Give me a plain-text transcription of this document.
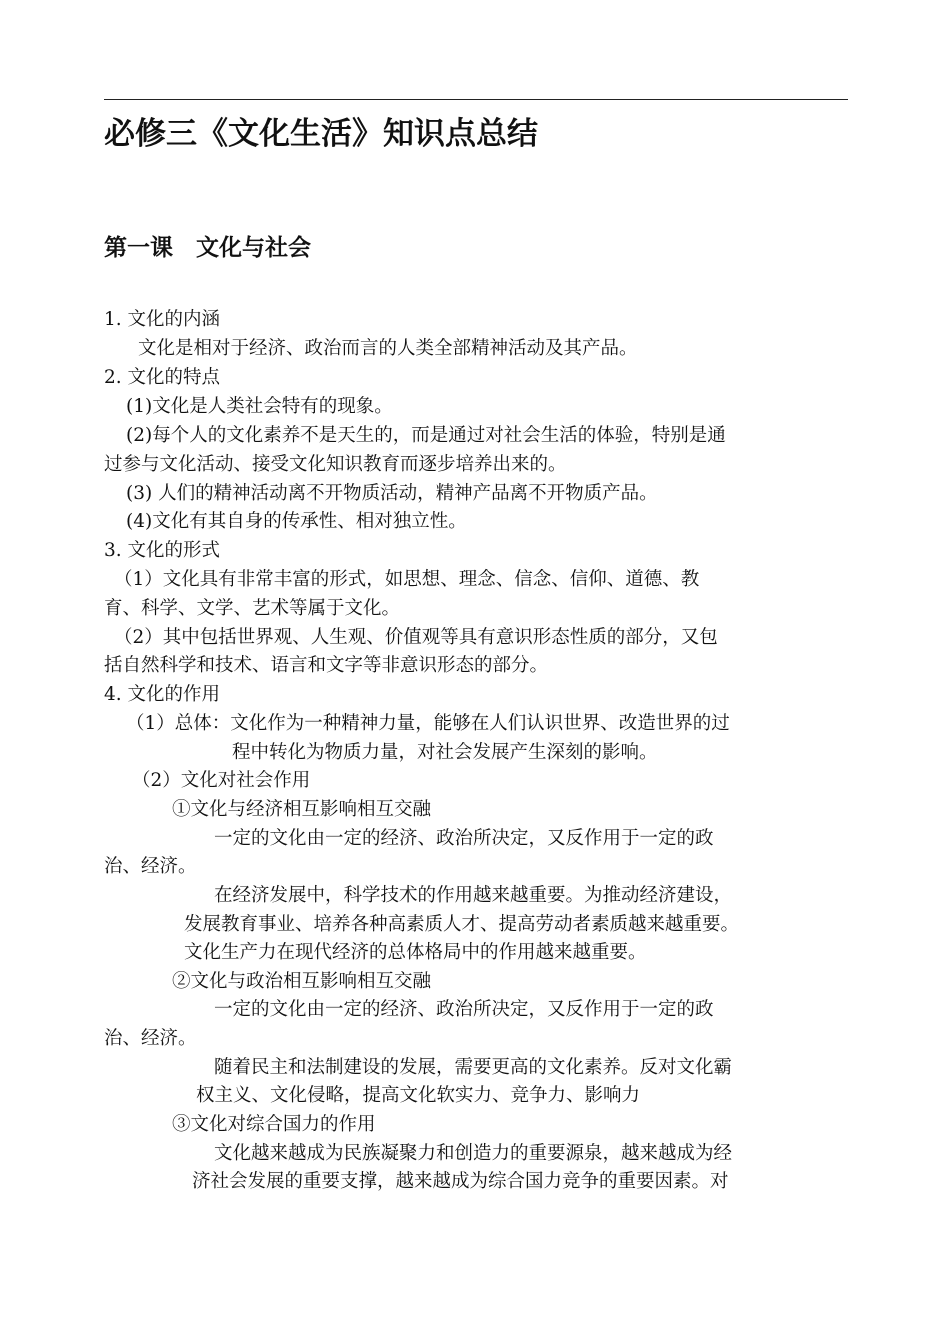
必修三《文化生活》知识点总结
第一课　文化与社会
1. 文化的内涵
文化是相对于经济、政治而言的人类全部精神活动及其产品。
2. 文化的特点
(1)文化是人类社会特有的现象。
(2)每个人的文化素养不是天生的，而是通过对社会生活的体验，特别是通
过参与文化活动、接受文化知识教育而逐步培养出来的。
(3) 人们的精神活动离不开物质活动，精神产品离不开物质产品。
(4)文化有其自身的传承性、相对独立性。
3. 文化的形式
（1）文化具有非常丰富的形式，如思想、理念、信念、信仰、道德、教
育、科学、文学、艺术等属于文化。
（2）其中包括世界观、人生观、价值观等具有意识形态性质的部分，又包
括自然科学和技术、语言和文字等非意识形态的部分。
4. 文化的作用
（1）总体：文化作为一种精神力量，能够在人们认识世界、改造世界的过
程中转化为物质力量，对社会发展产生深刻的影响。
（2）文化对社会作用
①文化与经济相互影响相互交融
一定的文化由一定的经济、政治所决定，又反作用于一定的政
治、经济。
在经济发展中，科学技术的作用越来越重要。为推动经济建设，
发展教育事业、培养各种高素质人才、提高劳动者素质越来越重要。
文化生产力在现代经济的总体格局中的作用越来越重要。
②文化与政治相互影响相互交融
一定的文化由一定的经济、政治所决定，又反作用于一定的政
治、经济。
随着民主和法制建设的发展，需要更高的文化素养。反对文化霸
权主义、文化侵略，提高文化软实力、竞争力、影响力
③文化对综合国力的作用
文化越来越成为民族凝聚力和创造力的重要源泉，越来越成为经
济社会发展的重要支撑，越来越成为综合国力竞争的重要因素。对
